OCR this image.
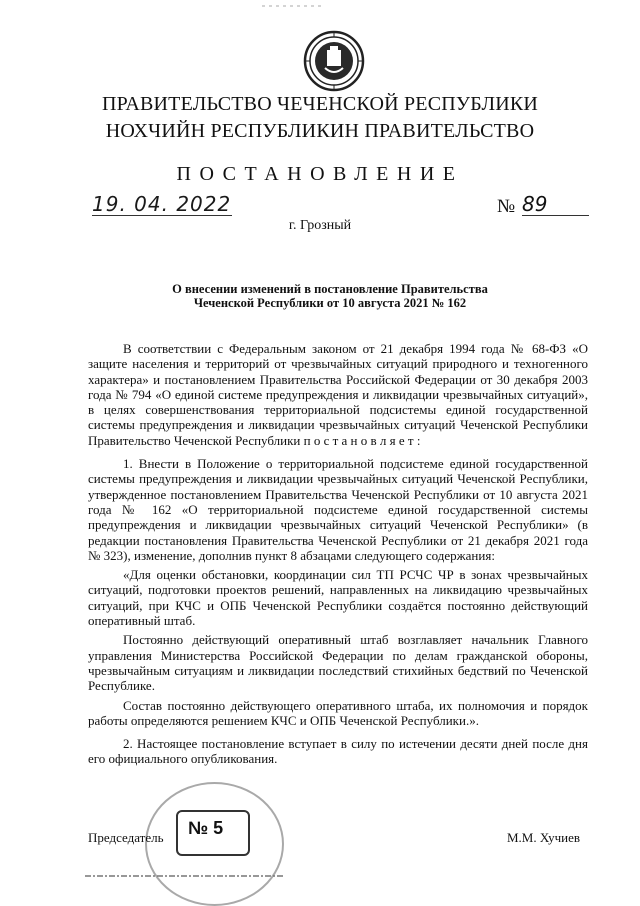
ПРАВИТЕЛЬСТВО ЧЕЧЕНСКОЙ РЕСПУБЛИКИ
НОХЧИЙН РЕСПУБЛИКИН ПРАВИТЕЛЬСТВО
ПОСТАНОВЛЕНИЕ
19. 04. 2022	№ 89
г. Грозный
О внесении изменений в постановление Правительства
Чеченской Республики от 10 августа 2021 № 162

В соответствии с Федеральным законом от 21 декабря 1994 года № 68-ФЗ «О защите населения и территорий от чрезвычайных ситуаций природного и техногенного характера» и постановлением Правительства Российской Федерации от 30 декабря 2003 года № 794 «О единой системе предупреждения и ликвидации чрезвычайных ситуаций», в целях совершенствования территориальной подсистемы единой государственной системы предупреждения и ликвидации чрезвычайных ситуаций Чеченской Республики Правительство Чеченской Республики п о с т а н о в л я е т :

1. Внести в Положение о территориальной подсистеме единой государственной системы предупреждения и ликвидации чрезвычайных ситуаций Чеченской Республики, утвержденное постановлением Правительства Чеченской Республики от 10 августа 2021 года № 162 «О территориальной подсистеме единой государственной системы предупреждения и ликвидации чрезвычайных ситуаций Чеченской Республики» (в редакции постановления Правительства Чеченской Республики от 21 декабря 2021 года № 323), изменение, дополнив пункт 8 абзацами следующего содержания:

«Для оценки обстановки, координации сил ТП РСЧС ЧР в зонах чрезвычайных ситуаций, подготовки проектов решений, направленных на ликвидацию чрезвычайных ситуаций, при КЧС и ОПБ Чеченской Республики создаётся постоянно действующий оперативный штаб.

Постоянно действующий оперативный штаб возглавляет начальник Главного управления Министерства Российской Федерации по делам гражданской обороны, чрезвычайным ситуациям и ликвидации последствий стихийных бедствий по Чеченской Республике.

Состав постоянно действующего оперативного штаба, их полномочия и порядок работы определяются решением КЧС и ОПБ Чеченской Республики.».

2. Настоящее постановление вступает в силу по истечении десяти дней после дня его официального опубликования.

№ 5
Председатель	М.М. Хучиев
